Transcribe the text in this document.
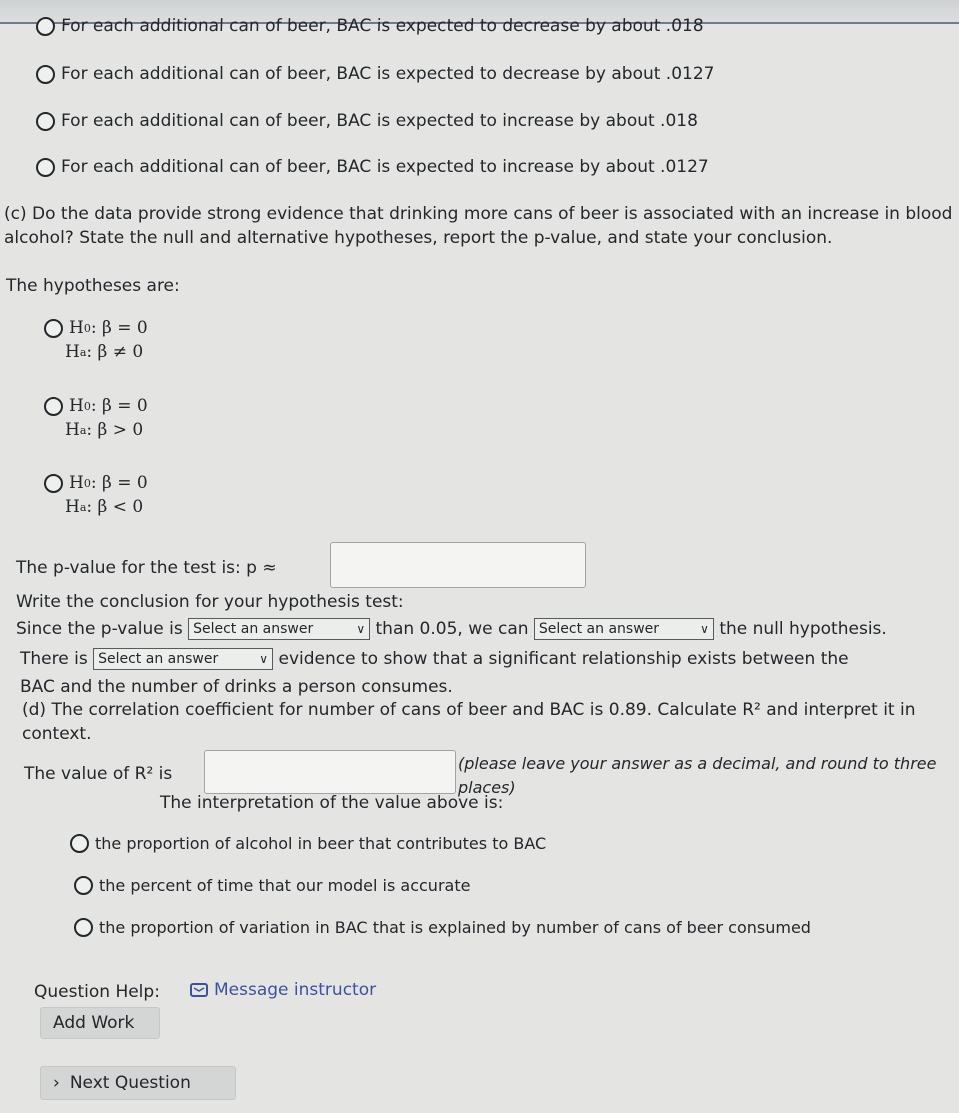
For each additional can of beer, BAC is expected to decrease by about .018
For each additional can of beer, BAC is expected to decrease by about .0127
For each additional can of beer, BAC is expected to increase by about .018
For each additional can of beer, BAC is expected to increase by about .0127
(c) Do the data provide strong evidence that drinking more cans of beer is associated with an increase in blood alcohol? State the null and alternative hypotheses, report the p-value, and state your conclusion.
The hypotheses are:
H 0 : β = 0
H a : β ≠ 0
H 0 : β = 0
H a : β > 0
H 0 : β = 0
H a : β < 0
The p-value for the test is: p ≈
Write the conclusion for your hypothesis test:
Since the p-value is Select an answer	∨ than 0.05, we can Select an answer	∨ the null hypothesis.
There is Select an answer	∨ evidence to show that a significant relationship exists between the
BAC and the number of drinks a person consumes.
(d) The correlation coefficient for number of cans of beer and BAC is 0.89. Calculate R² and interpret it in context.
The value of R² is
(please leave your answer as a decimal, and round to three places)
The interpretation of the value above is:
the proportion of alcohol in beer that contributes to BAC
the percent of time that our model is accurate
the proportion of variation in BAC that is explained by number of cans of beer consumed
Question Help:	Message instructor
Add Work
› Next Question
